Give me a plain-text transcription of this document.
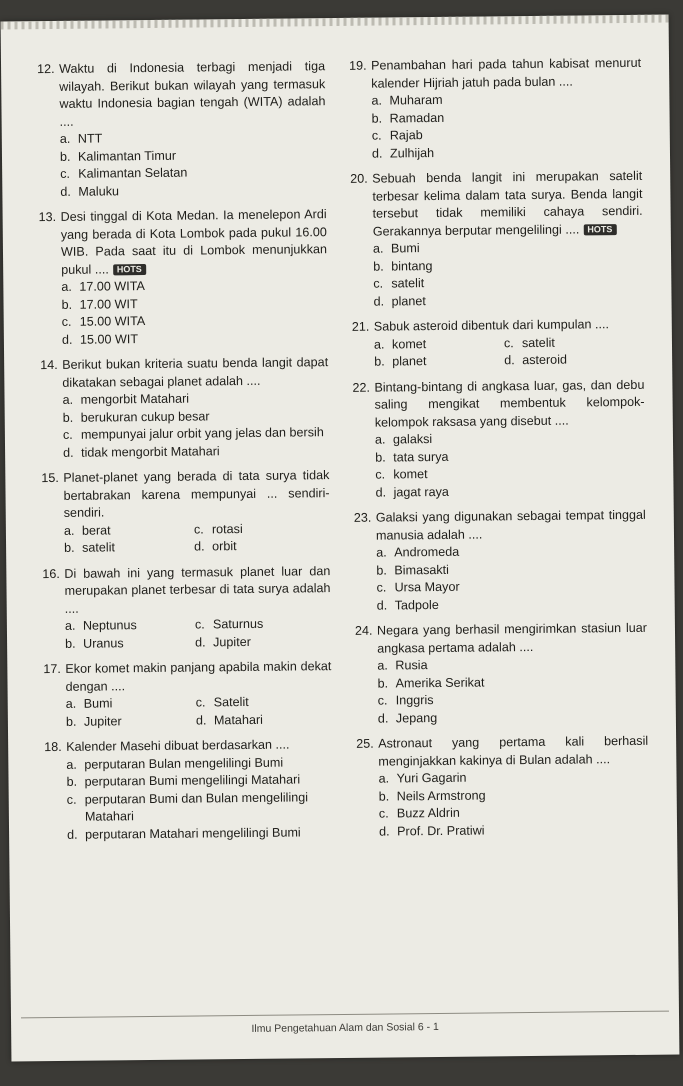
12. Waktu di Indonesia terbagi menjadi tiga wilayah. Berikut bukan wilayah yang termasuk waktu Indonesia bagian tengah (WITA) adalah ....
a. NTT
b. Kalimantan Timur
c. Kalimantan Selatan
d. Maluku
13. Desi tinggal di Kota Medan. Ia menelepon Ardi yang berada di Kota Lombok pada pukul 16.00 WIB. Pada saat itu di Lombok menunjukkan pukul .... HOTS
a. 17.00 WITA
b. 17.00 WIT
c. 15.00 WITA
d. 15.00 WIT
14. Berikut bukan kriteria suatu benda langit dapat dikatakan sebagai planet adalah ....
a. mengorbit Matahari
b. berukuran cukup besar
c. mempunyai jalur orbit yang jelas dan bersih
d. tidak mengorbit Matahari
15. Planet-planet yang berada di tata surya tidak bertabrakan karena mempunyai ... sendiri-sendiri.
a. berat	c. rotasi
b. satelit	d. orbit
16. Di bawah ini yang termasuk planet luar dan merupakan planet terbesar di tata surya adalah ....
a. Neptunus	c. Saturnus
b. Uranus	d. Jupiter
17. Ekor komet makin panjang apabila makin dekat dengan ....
a. Bumi	c. Satelit
b. Jupiter	d. Matahari
18. Kalender Masehi dibuat berdasarkan ....
a. perputaran Bulan mengelilingi Bumi
b. perputaran Bumi mengelilingi Matahari
c. perputaran Bumi dan Bulan mengelilingi Matahari
d. perputaran Matahari mengelilingi Bumi
19. Penambahan hari pada tahun kabisat menurut kalender Hijriah jatuh pada bulan ....
a. Muharam
b. Ramadan
c. Rajab
d. Zulhijah
20. Sebuah benda langit ini merupakan satelit terbesar kelima dalam tata surya. Benda langit tersebut tidak memiliki cahaya sendiri. Gerakannya berputar mengelilingi .... HOTS
a. Bumi
b. bintang
c. satelit
d. planet
21. Sabuk asteroid dibentuk dari kumpulan ....
a. komet	c. satelit
b. planet	d. asteroid
22. Bintang-bintang di angkasa luar, gas, dan debu saling mengikat membentuk kelompok-kelompok raksasa yang disebut ....
a. galaksi
b. tata surya
c. komet
d. jagat raya
23. Galaksi yang digunakan sebagai tempat tinggal manusia adalah ....
a. Andromeda
b. Bimasakti
c. Ursa Mayor
d. Tadpole
24. Negara yang berhasil mengirimkan stasiun luar angkasa pertama adalah ....
a. Rusia
b. Amerika Serikat
c. Inggris
d. Jepang
25. Astronaut yang pertama kali berhasil menginjakkan kakinya di Bulan adalah ....
a. Yuri Gagarin
b. Neils Armstrong
c. Buzz Aldrin
d. Prof. Dr. Pratiwi
Ilmu Pengetahuan Alam dan Sosial 6 - 1
